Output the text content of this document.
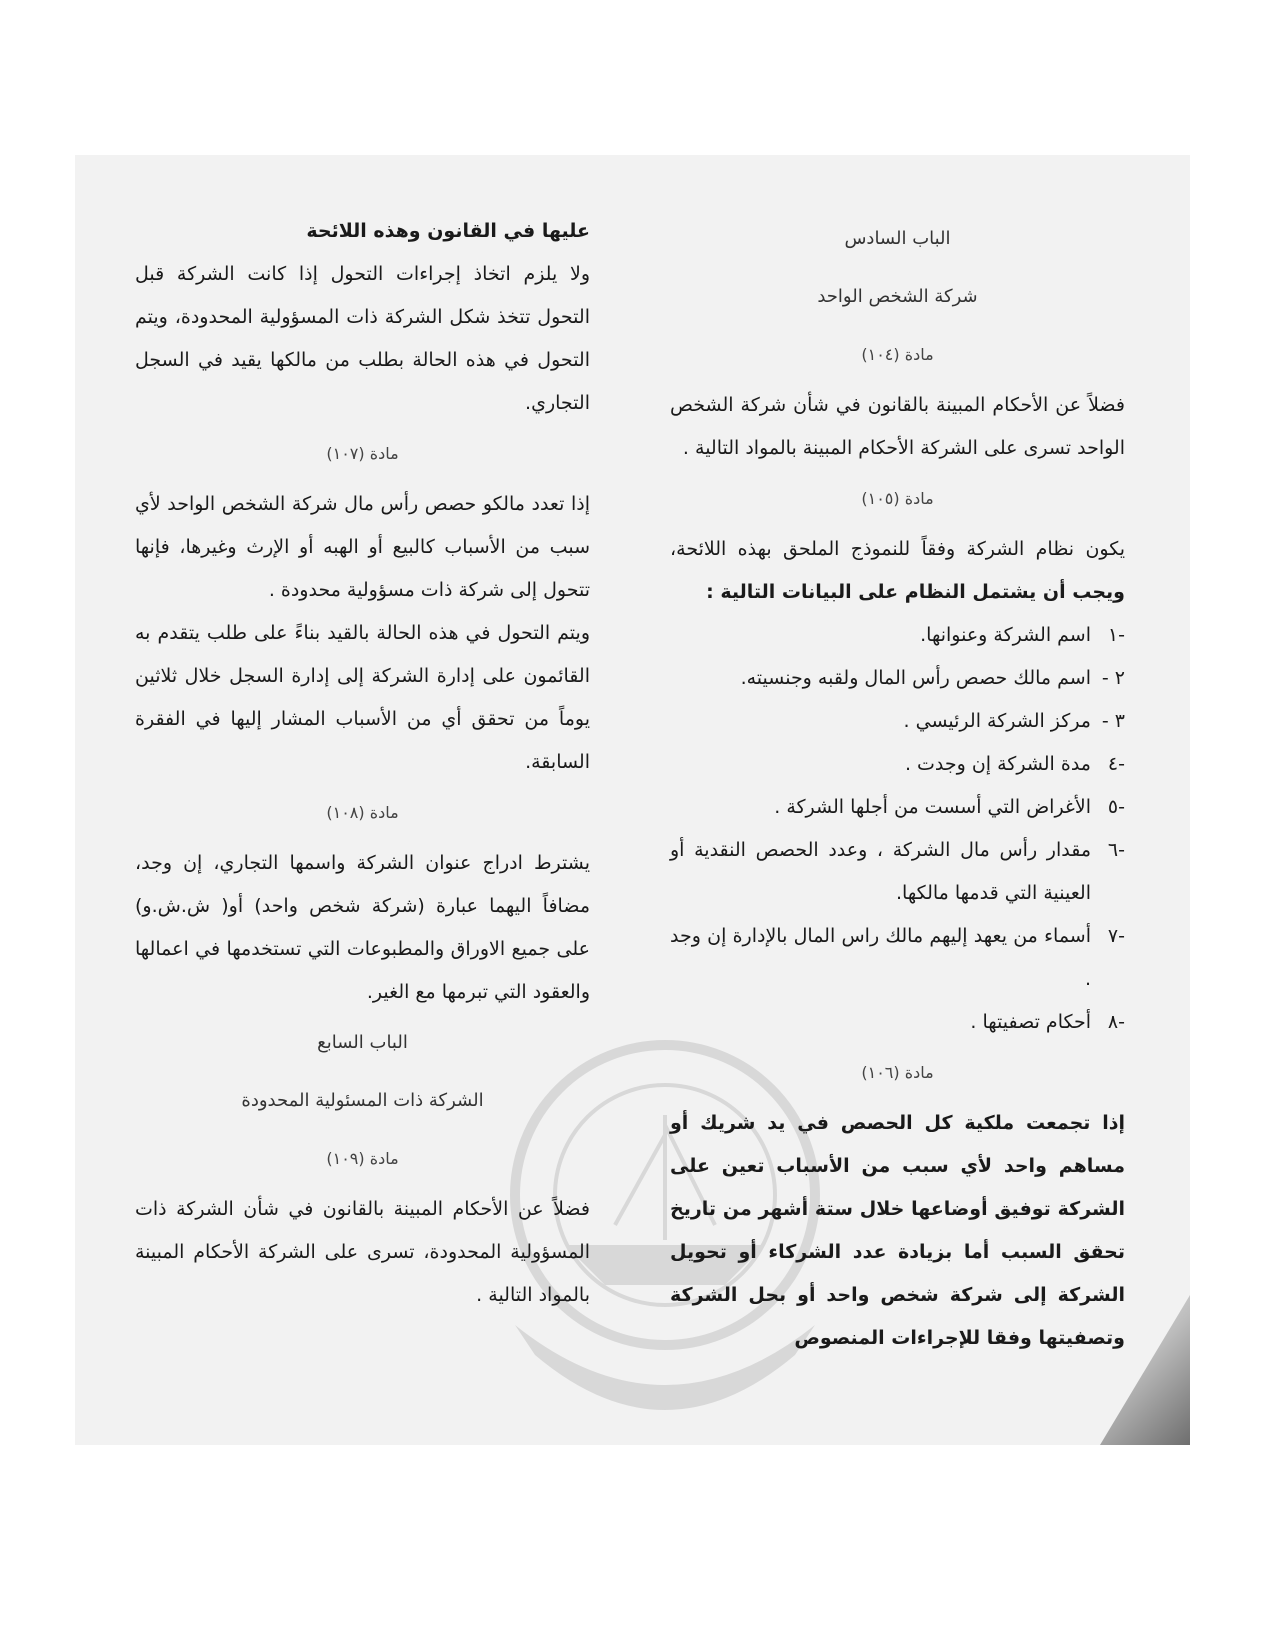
الباب السادس

شركة الشخص الواحد

مادة (١٠٤)

فضلاً عن الأحكام المبينة بالقانون في شأن شركة الشخص الواحد تسرى على الشركة الأحكام المبينة بالمواد التالية .

مادة (١٠٥)

يكون نظام الشركة وفقاً للنموذج الملحق بهذه اللائحة، ويجب أن يشتمل النظام على البيانات التالية :

-١
اسم الشركة وعنوانها.
٢ -
اسم مالك حصص رأس المال ولقبه وجنسيته.
٣ -
مركز الشركة الرئيسي .
-٤
مدة الشركة إن وجدت .
-٥
الأغراض التي أسست من أجلها الشركة .
-٦
مقدار رأس مال الشركة ، وعدد الحصص النقدية أو العينية التي قدمها مالكها.
-٧
أسماء من يعهد إليهم مالك راس المال بالإدارة إن وجد .
-٨
أحكام تصفيتها .

مادة (١٠٦)

إذا تجمعت ملكية كل الحصص في يد شريك أو مساهم واحد لأي سبب من الأسباب تعين على الشركة توفيق أوضاعها خلال ستة أشهر من تاريخ تحقق السبب أما بزيادة عدد الشركاء أو تحويل الشركة إلى شركة شخص واحد أو بحل الشركة وتصفيتها وفقا للإجراءات المنصوص

عليها في القانون وهذه اللائحة

ولا يلزم اتخاذ إجراءات التحول إذا كانت الشركة قبل التحول تتخذ شكل الشركة ذات المسؤولية المحدودة، ويتم التحول في هذه الحالة بطلب من مالكها يقيد في السجل التجاري.

مادة (١٠٧)

إذا تعدد مالكو حصص رأس مال شركة الشخص الواحد لأي سبب من الأسباب كالبيع أو الهبه أو الإرث وغيرها، فإنها تتحول إلى شركة ذات مسؤولية محدودة .

ويتم التحول في هذه الحالة بالقيد بناءً على طلب يتقدم به القائمون على إدارة الشركة إلى إدارة السجل خلال ثلاثين يوماً من تحقق أي من الأسباب المشار إليها في الفقرة السابقة.

مادة (١٠٨)

يشترط ادراج عنوان الشركة واسمها التجاري، إن وجد، مضافاً اليهما عبارة (شركة شخص واحد) أو( ش.ش.و) على جميع الاوراق والمطبوعات التي تستخدمها في اعمالها والعقود التي تبرمها مع الغير.

الباب السابع

الشركة ذات المسئولية المحدودة

مادة (١٠٩)

فضلاً عن الأحكام المبينة بالقانون في شأن الشركة ذات المسؤولية المحدودة، تسرى على الشركة الأحكام المبينة بالمواد التالية .
